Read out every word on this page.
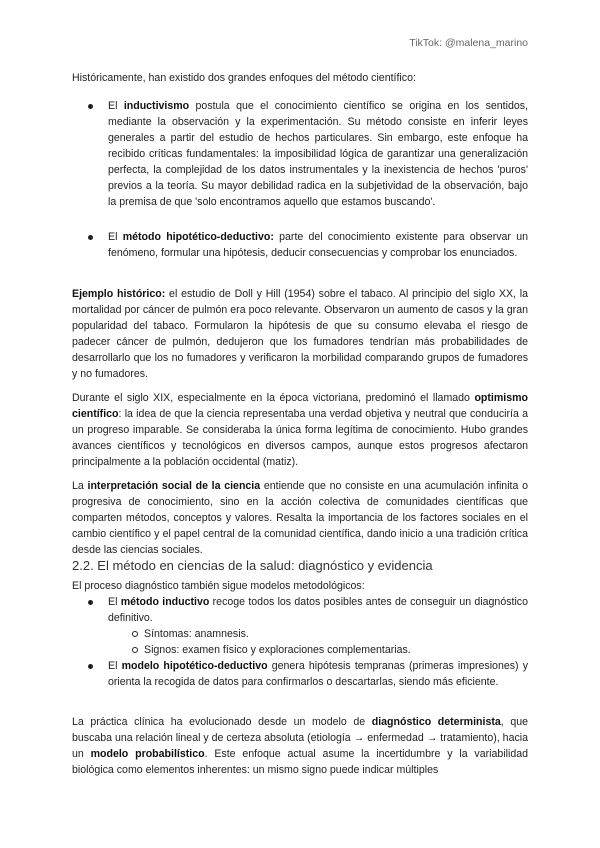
TikTok: @malena_marino

Históricamente, han existido dos grandes enfoques del método científico:

El inductivismo postula que el conocimiento científico se origina en los sentidos, mediante la observación y la experimentación. Su método consiste en inferir leyes generales a partir del estudio de hechos particulares. Sin embargo, este enfoque ha recibido críticas fundamentales: la imposibilidad lógica de garantizar una generalización perfecta, la complejidad de los datos instrumentales y la inexistencia de hechos 'puros' previos a la teoría. Su mayor debilidad radica en la subjetividad de la observación, bajo la premisa de que 'solo encontramos aquello que estamos buscando'.

El método hipotético-deductivo: parte del conocimiento existente para observar un fenómeno, formular una hipótesis, deducir consecuencias y comprobar los enunciados.

Ejemplo histórico: el estudio de Doll y Hill (1954) sobre el tabaco. Al principio del siglo XX, la mortalidad por cáncer de pulmón era poco relevante. Observaron un aumento de casos y la gran popularidad del tabaco. Formularon la hipótesis de que su consumo elevaba el riesgo de padecer cáncer de pulmón, dedujeron que los fumadores tendrían más probabilidades de desarrollarlo que los no fumadores y verificaron la morbilidad comparando grupos de fumadores y no fumadores.

Durante el siglo XIX, especialmente en la época victoriana, predominó el llamado optimismo científico: la idea de que la ciencia representaba una verdad objetiva y neutral que conduciría a un progreso imparable. Se consideraba la única forma legítima de conocimiento. Hubo grandes avances científicos y tecnológicos en diversos campos, aunque estos progresos afectaron principalmente a la población occidental (matiz).

La interpretación social de la ciencia entiende que no consiste en una acumulación infinita o progresiva de conocimiento, sino en la acción colectiva de comunidades científicas que comparten métodos, conceptos y valores. Resalta la importancia de los factores sociales en el cambio científico y el papel central de la comunidad científica, dando inicio a una tradición crítica desde las ciencias sociales.

2.2. El método en ciencias de la salud: diagnóstico y evidencia

El proceso diagnóstico también sigue modelos metodológicos:

El método inductivo recoge todos los datos posibles antes de conseguir un diagnóstico definitivo.

Síntomas: anamnesis.

Signos: examen físico y exploraciones complementarias.

El modelo hipotético-deductivo genera hipótesis tempranas (primeras impresiones) y orienta la recogida de datos para confirmarlos o descartarlas, siendo más eficiente.

La práctica clínica ha evolucionado desde un modelo de diagnóstico determinista, que buscaba una relación lineal y de certeza absoluta (etiología → enfermedad → tratamiento), hacia un modelo probabilístico. Este enfoque actual asume la incertidumbre y la variabilidad biológica como elementos inherentes: un mismo signo puede indicar múltiples
